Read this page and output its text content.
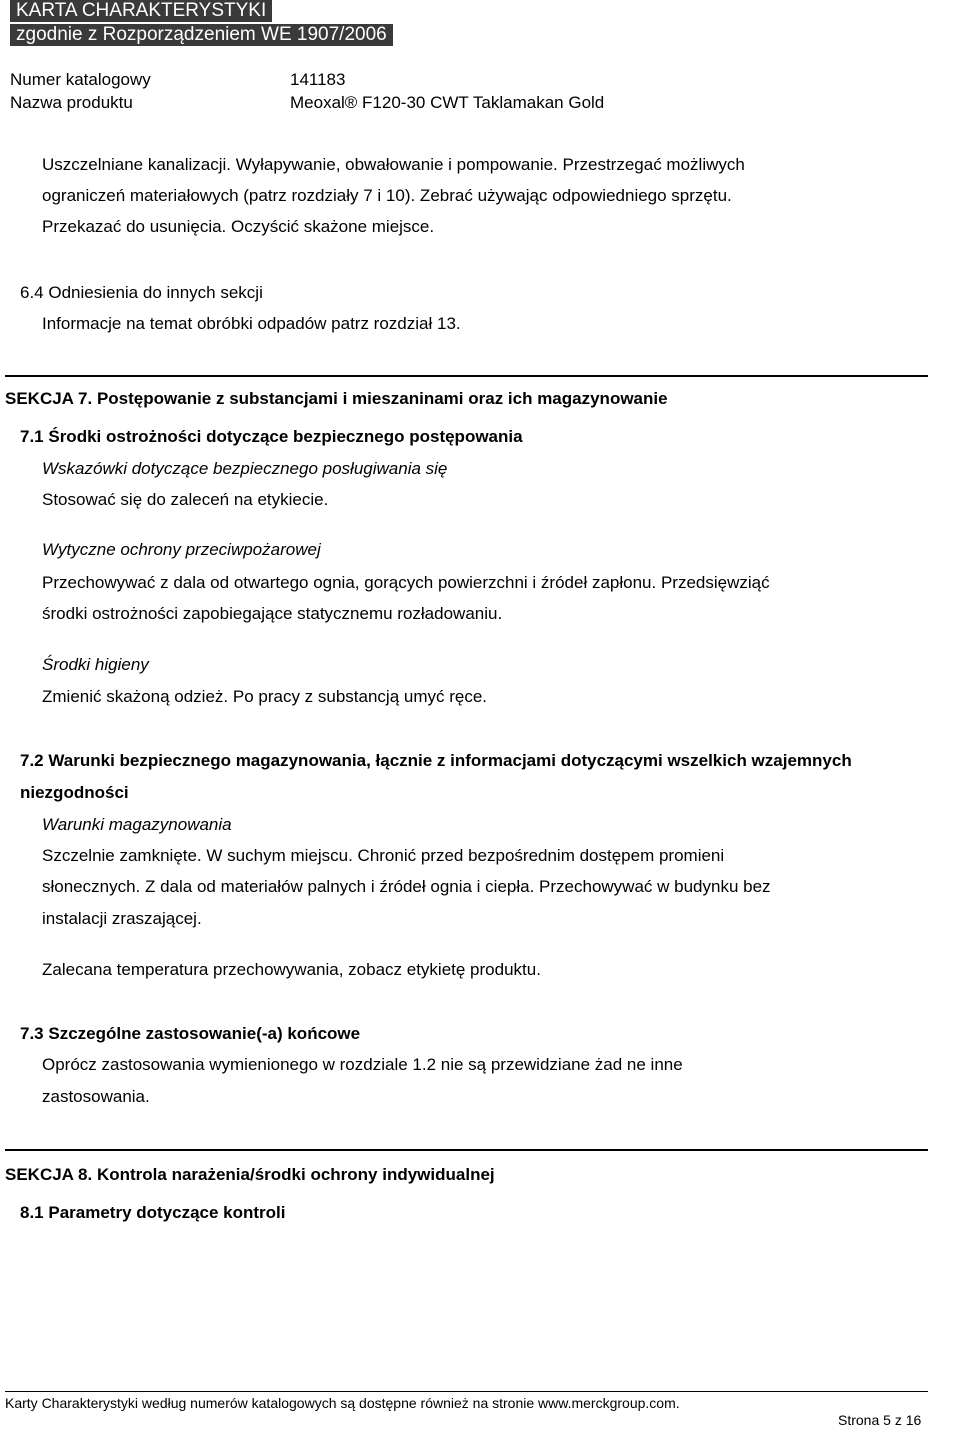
KARTA CHARAKTERYSTYKI
zgodnie z Rozporządzeniem WE 1907/2006
Numer katalogowy	141183
Nazwa produktu	Meoxal® F120-30 CWT Taklamakan Gold
Uszczelniane kanalizacji. Wyłapywanie, obwałowanie i pompowanie. Przestrzegać możliwych
ograniczeń materiałowych (patrz rozdziały 7 i 10). Zebrać używając odpowiedniego sprzętu.
Przekazać do usunięcia. Oczyścić skażone miejsce.
6.4 Odniesienia do innych sekcji
Informacje na temat obróbki odpadów patrz rozdział 13.
SEKCJA 7. Postępowanie z substancjami i mieszaninami oraz ich magazynowanie
7.1 Środki ostrożności dotyczące bezpiecznego postępowania
Wskazówki dotyczące bezpiecznego posługiwania się
Stosować się do zaleceń na etykiecie.
Wytyczne ochrony przeciwpożarowej
Przechowywać z dala od otwartego ognia, gorących powierzchni i źródeł zapłonu. Przedsięwziąć
środki ostrożności zapobiegające statycznemu rozładowaniu.
Środki higieny
Zmienić skażoną odzież. Po pracy z substancją umyć ręce.
7.2 Warunki bezpiecznego magazynowania, łącznie z informacjami dotyczącymi wszelkich wzajemnych
niezgodności
Warunki magazynowania
Szczelnie zamknięte. W suchym miejscu. Chronić przed bezpośrednim dostępem promieni
słonecznych. Z dala od materiałów palnych i źródeł ognia i ciepła. Przechowywać w budynku bez
instalacji zraszającej.
Zalecana temperatura przechowywania, zobacz etykietę produktu.
7.3 Szczególne zastosowanie(-a) końcowe
Oprócz zastosowania wymienionego w rozdziale 1.2 nie są przewidziane żad ne inne
zastosowania.
SEKCJA 8. Kontrola narażenia/środki ochrony indywidualnej
8.1 Parametry dotyczące kontroli
Karty Charakterystyki według numerów katalogowych są dostępne również na stronie www.merckgroup.com.
Strona 5 z 16
